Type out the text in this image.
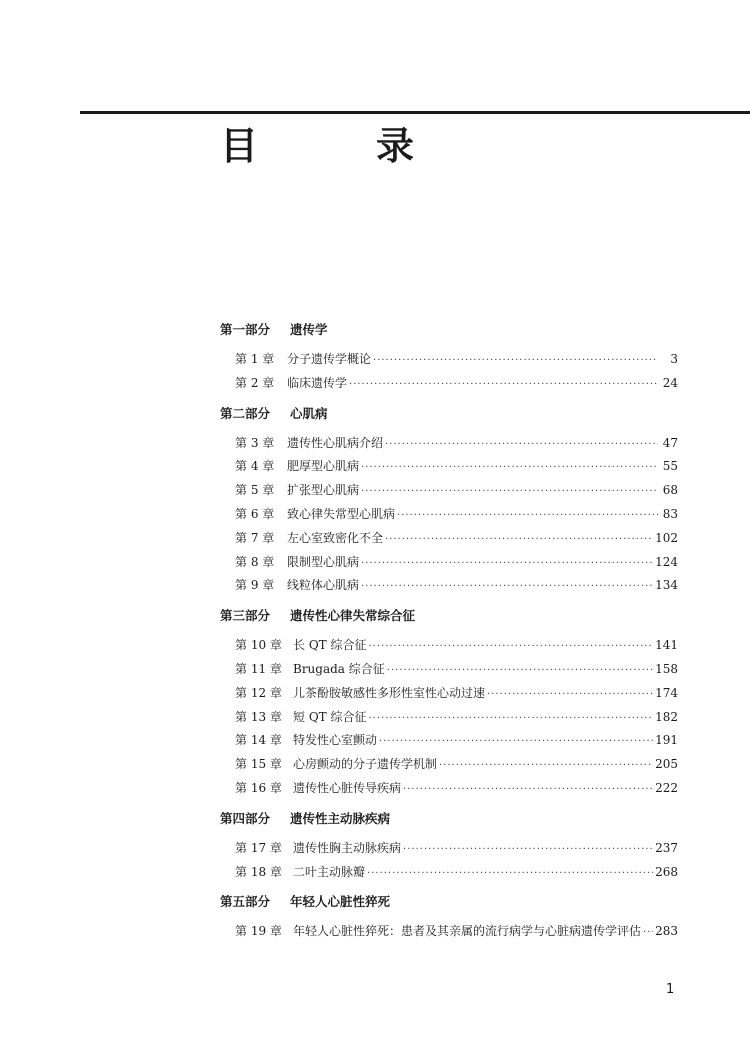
目　录
第一部分 遗传学
第 1 章	分子遗传学概论 ·····	3
第 2 章	临床遗传学 ·····	24
第二部分 心肌病
第 3 章	遗传性心肌病介绍 ·····	47
第 4 章	肥厚型心肌病 ·····	55
第 5 章	扩张型心肌病 ·····	68
第 6 章	致心律失常型心肌病 ·····	83
第 7 章	左心室致密化不全 ·····	102
第 8 章	限制型心肌病 ·····	124
第 9 章	线粒体心肌病 ·····	134
第三部分 遗传性心律失常综合征
第 10 章 长 QT 综合征 ·····	141
第 11 章 Brugada 综合征 ·····	158
第 12 章 儿茶酚胺敏感性多形性室性心动过速 ·····	174
第 13 章 短 QT 综合征 ·····	182
第 14 章 特发性心室颤动 ·····	191
第 15 章 心房颤动的分子遗传学机制 ·····	205
第 16 章 遗传性心脏传导疾病 ·····	222
第四部分 遗传性主动脉疾病
第 17 章 遗传性胸主动脉疾病 ·····	237
第 18 章 二叶主动脉瓣 ·····	268
第五部分 年轻人心脏性猝死
第 19 章 年轻人心脏性猝死：患者及其亲属的流行病学与心脏病遗传学评估 ····· 283
1
